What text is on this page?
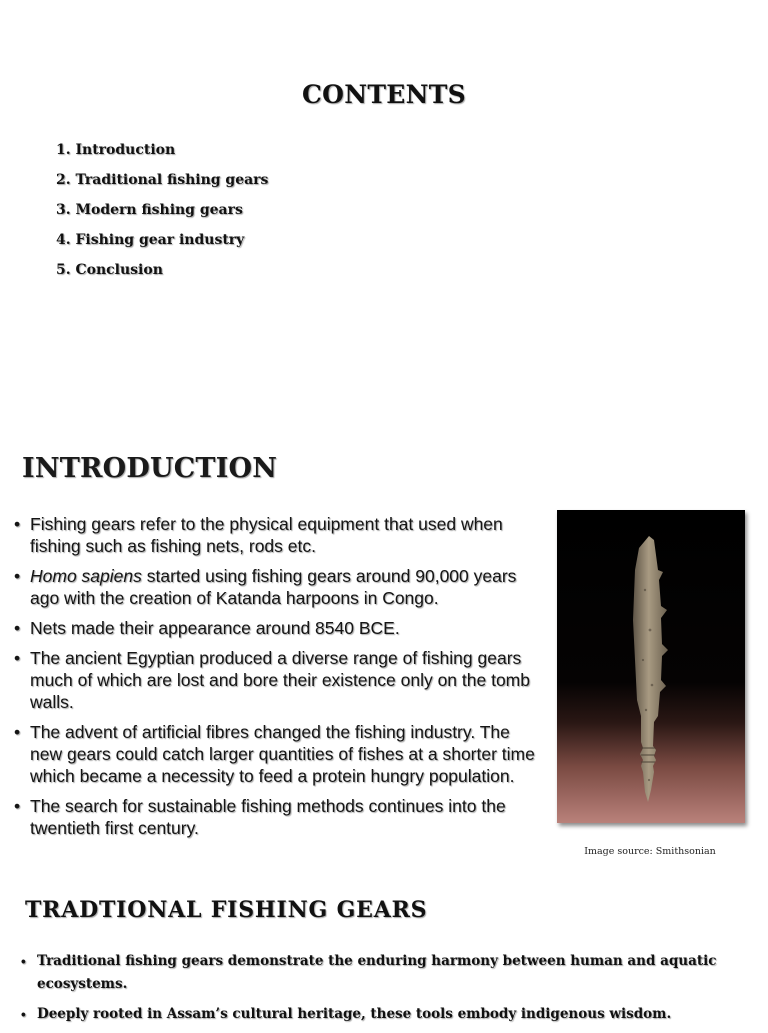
CONTENTS
1. Introduction
2. Traditional fishing gears
3. Modern fishing gears
4. Fishing gear industry
5. Conclusion
INTRODUCTION
• Fishing gears refer to the physical equipment that used when fishing such as fishing nets, rods etc.
• Homo sapiens started using fishing gears around 90,000 years ago with the creation of Katanda harpoons in Congo.
• Nets made their appearance around 8540 BCE.
• The ancient Egyptian produced a diverse range of fishing gears much of which are lost and bore their existence only on the tomb walls.
• The advent of artificial fibres changed the fishing industry. The new gears could catch larger quantities of fishes at a shorter time which became a necessity to feed a protein hungry population.
• The search for sustainable fishing methods continues into the twentieth first century.
Image source: Smithsonian
TRADTIONAL FISHING GEARS
• Traditional fishing gears demonstrate the enduring harmony between human and aquatic ecosystems.
• Deeply rooted in Assam’s cultural heritage, these tools embody indigenous wisdom.
